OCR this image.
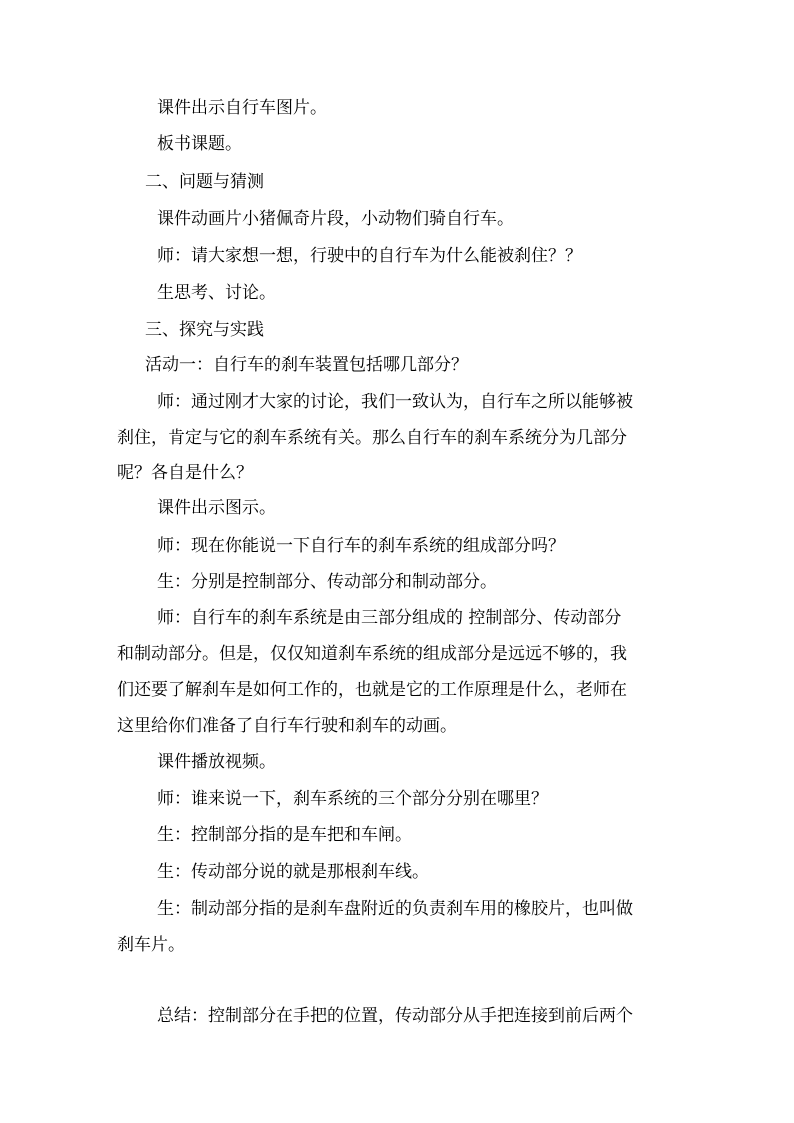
课件出示自行车图片。
板书课题。
二、问题与猜测
课件动画片小猪佩奇片段，小动物们骑自行车。
师：请大家想一想，行驶中的自行车为什么能被刹住？？
生思考、讨论。
三、探究与实践
活动一：自行车的刹车装置包括哪几部分？
师：通过刚才大家的讨论，我们一致认为，自行车之所以能够被
刹住，肯定与它的刹车系统有关。那么自行车的刹车系统分为几部分
呢？各自是什么？
课件出示图示。
师：现在你能说一下自行车的刹车系统的组成部分吗？
生：分别是控制部分、传动部分和制动部分。
师：自行车的刹车系统是由三部分组成的 控制部分、传动部分
和制动部分。但是，仅仅知道刹车系统的组成部分是远远不够的，我
们还要了解刹车是如何工作的，也就是它的工作原理是什么，老师在
这里给你们准备了自行车行驶和刹车的动画。
课件播放视频。
师：谁来说一下，刹车系统的三个部分分别在哪里？
生：控制部分指的是车把和车闸。
生：传动部分说的就是那根刹车线。
生：制动部分指的是刹车盘附近的负责刹车用的橡胶片，也叫做
刹车片。
总结：控制部分在手把的位置，传动部分从手把连接到前后两个
